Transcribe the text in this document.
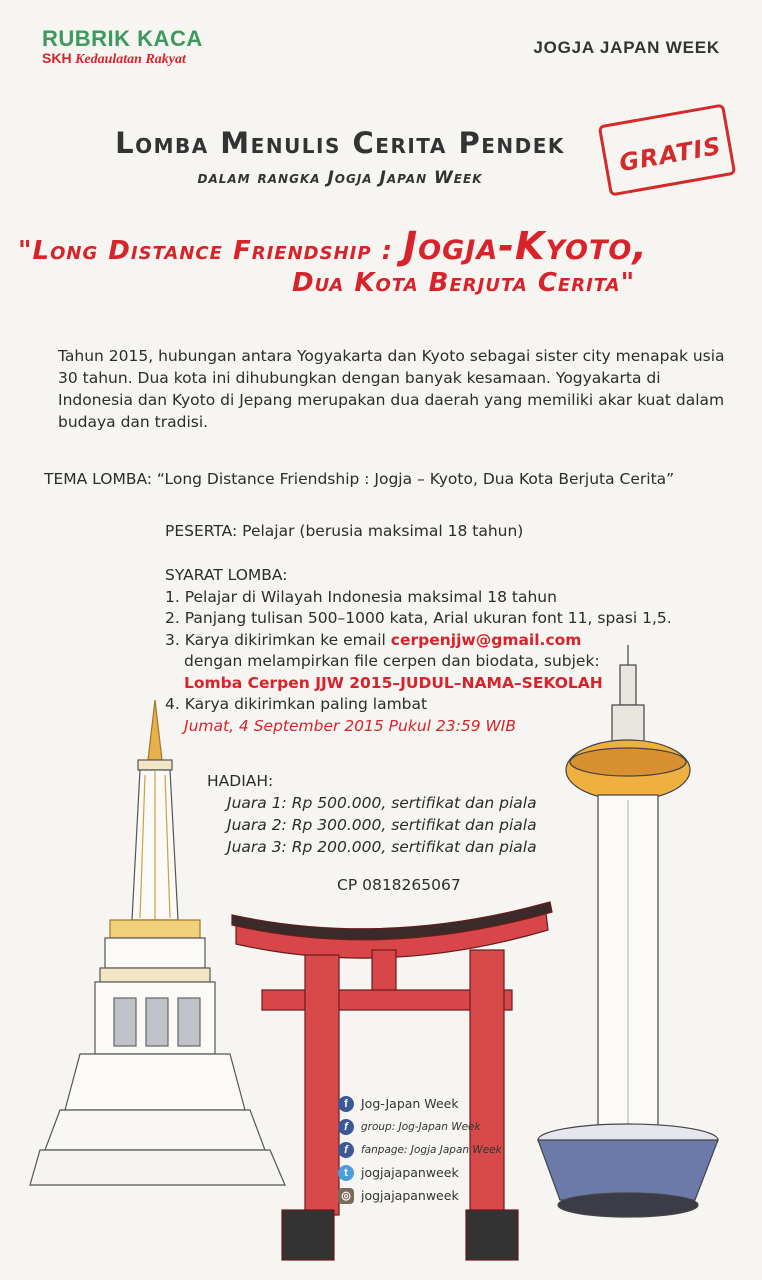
RUBRIK KACA
SKH Kedaulatan Rakyat
JOGJA JAPAN WEEK
Lomba Menulis Cerita Pendek
dalam rangka Jogja Japan Week
GRATIS
"Long Distance Friendship : Jogja-Kyoto,
Dua Kota Berjuta Cerita"
Tahun 2015, hubungan antara Yogyakarta dan Kyoto sebagai sister city menapak usia 30 tahun. Dua kota ini dihubungkan dengan banyak kesamaan. Yogyakarta di Indonesia dan Kyoto di Jepang merupakan dua daerah yang memiliki akar kuat dalam budaya dan tradisi.
TEMA LOMBA: “Long Distance Friendship : Jogja – Kyoto, Dua Kota Berjuta Cerita”
PESERTA: Pelajar (berusia maksimal 18 tahun)
SYARAT LOMBA:
1. Pelajar di Wilayah Indonesia maksimal 18 tahun
2. Panjang tulisan 500–1000 kata, Arial ukuran font 11, spasi 1,5.
3. Karya dikirimkan ke email cerpenjjw@gmail.com
dengan melampirkan file cerpen dan biodata, subjek:
Lomba Cerpen JJW 2015–JUDUL–NAMA–SEKOLAH
4. Karya dikirimkan paling lambat
Jumat, 4 September 2015 Pukul 23:59 WIB
HADIAH:
Juara 1: Rp 500.000, sertifikat dan piala
Juara 2: Rp 300.000, sertifikat dan piala
Juara 3: Rp 200.000, sertifikat dan piala
CP 0818265067
f	Jog-Japan Week
f	group: Jog-Japan Week
f	fanpage: Jogja Japan Week
t	jogjajapanweek
◎ jogjajapanweek
